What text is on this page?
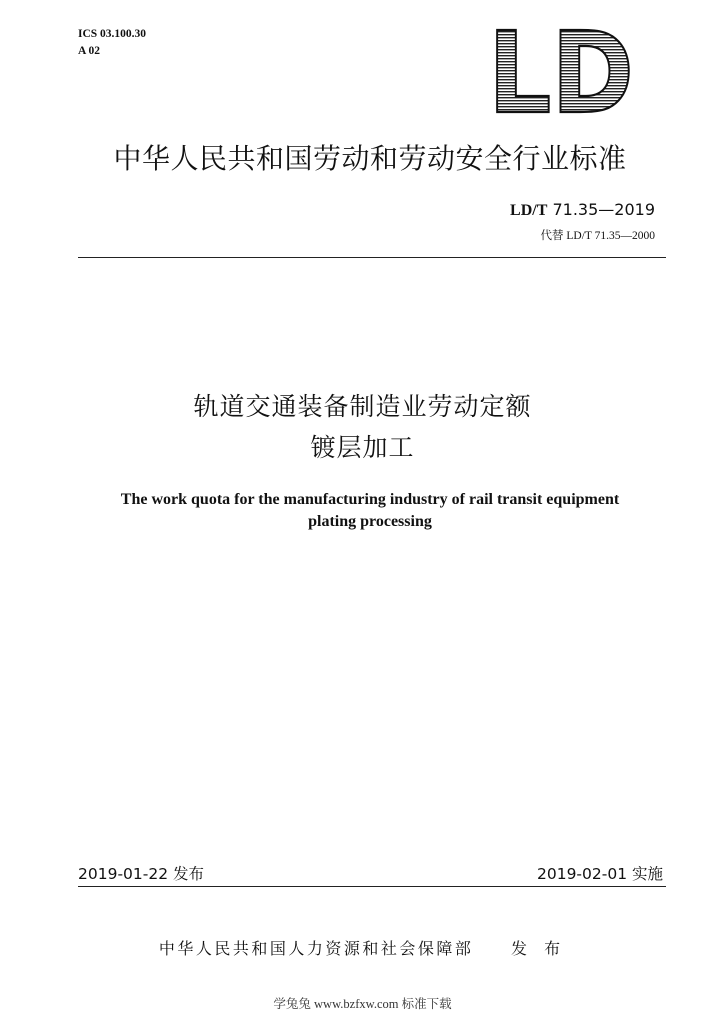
ICS 03.100.30
A 02	LD
中华人民共和国劳动和劳动安全行业标准
LD/T 71.35—2019
代替 LD/T 71.35—2000
轨道交通装备制造业劳动定额
镀层加工
The work quota for the manufacturing industry of rail transit equipment
plating processing
2019-01-22 发布	2019-02-01 实施
中华人民共和国人力资源和社会保障部 发 布
学兔兔 www.bzfxw.com 标准下载
